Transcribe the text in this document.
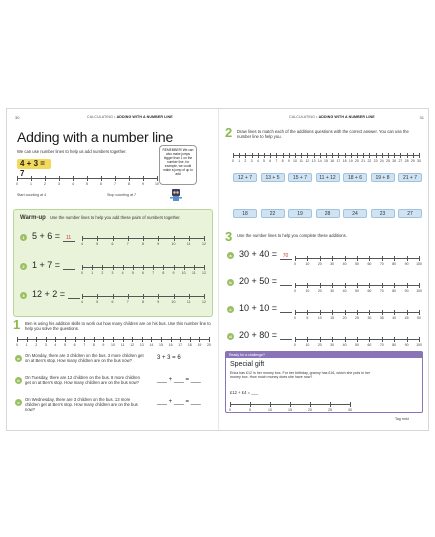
30	CALCULATING • ADDING WITH A NUMBER LINE
Adding with a number line
We can use number lines to help us add numbers together.
4 + 3 = 7
0	1	2	3	4	5	6	7	8	9	10
Start counting at 4	Stop counting at 7
REMEMBER! We can also make jumps bigger than 1 on the number line, for example, we could make a jump of up to add
Warm-up Use the number lines to help you add these pairs of numbers together.
1 5 + 6 = 11
4	5	6	7	8	9	10	11	12
2 1 + 7 =
0 1 2 3 4 5 6 7 8 9 10 11 12
3 12 + 2 =
4	5	6	7	8	9	10	11	12
1 Ben is using his addition skills to work out how many children are on his bus. Use this number line to help you solve the questions.
0 1 2 3 4 5 6 7 8 9 10 11 12 13 14 15 16 17 18 19 20
a
On Monday, there are 3 children on the bus. 3 more children get on at Ben's stop. How many children are on the bus now?	3 + 3 = 6
b
On Tuesday, there are 12 children on the bus. 8 more children get on at Ben's stop. How many children are on the bus now?	___ + ___ = ___
c
On Wednesday, there are 3 children on the bus. 13 more children get at Ben's stop. How many children are on the bus now?
___ + ___ = ___
CALCULATING • ADDING WITH A NUMBER LINE	31
2 Draw lines to match each of the additions questions with the correct answer. You can use the number line to help you.
0 1 2 3 4 5 6 7 8 9 10 11 12 13 14 15 16 17 18 19 20 21 22 23 24 25 26 27 28 29 30
12 + 7	13 + 5	15 + 7	11 + 12	18 + 6	19 + 8	21 + 7
18	22	19	28	24	23	27
3 Use the number lines to help you complete these additions.
a 30 + 40 = 70
0	10 20 30 40 50 60 70 80 90 100
b 20 + 50 =
0	10 20 30 40 50 60 70 80 90 100
c 10 + 10 =
0	5	10 15 20 25 30 35 40 45 50
d 20 + 80 =
0	10 20 30 40 50 60 70 80 90 100
Ready for a challenge?
Special gift
Erica has £12 in her money box. For her birthday, granny has £16, which she puts in her money box. How much money does she have now?
£12 + £4 = ___
0	5	10	15	20	25	30
Tag rmkt
